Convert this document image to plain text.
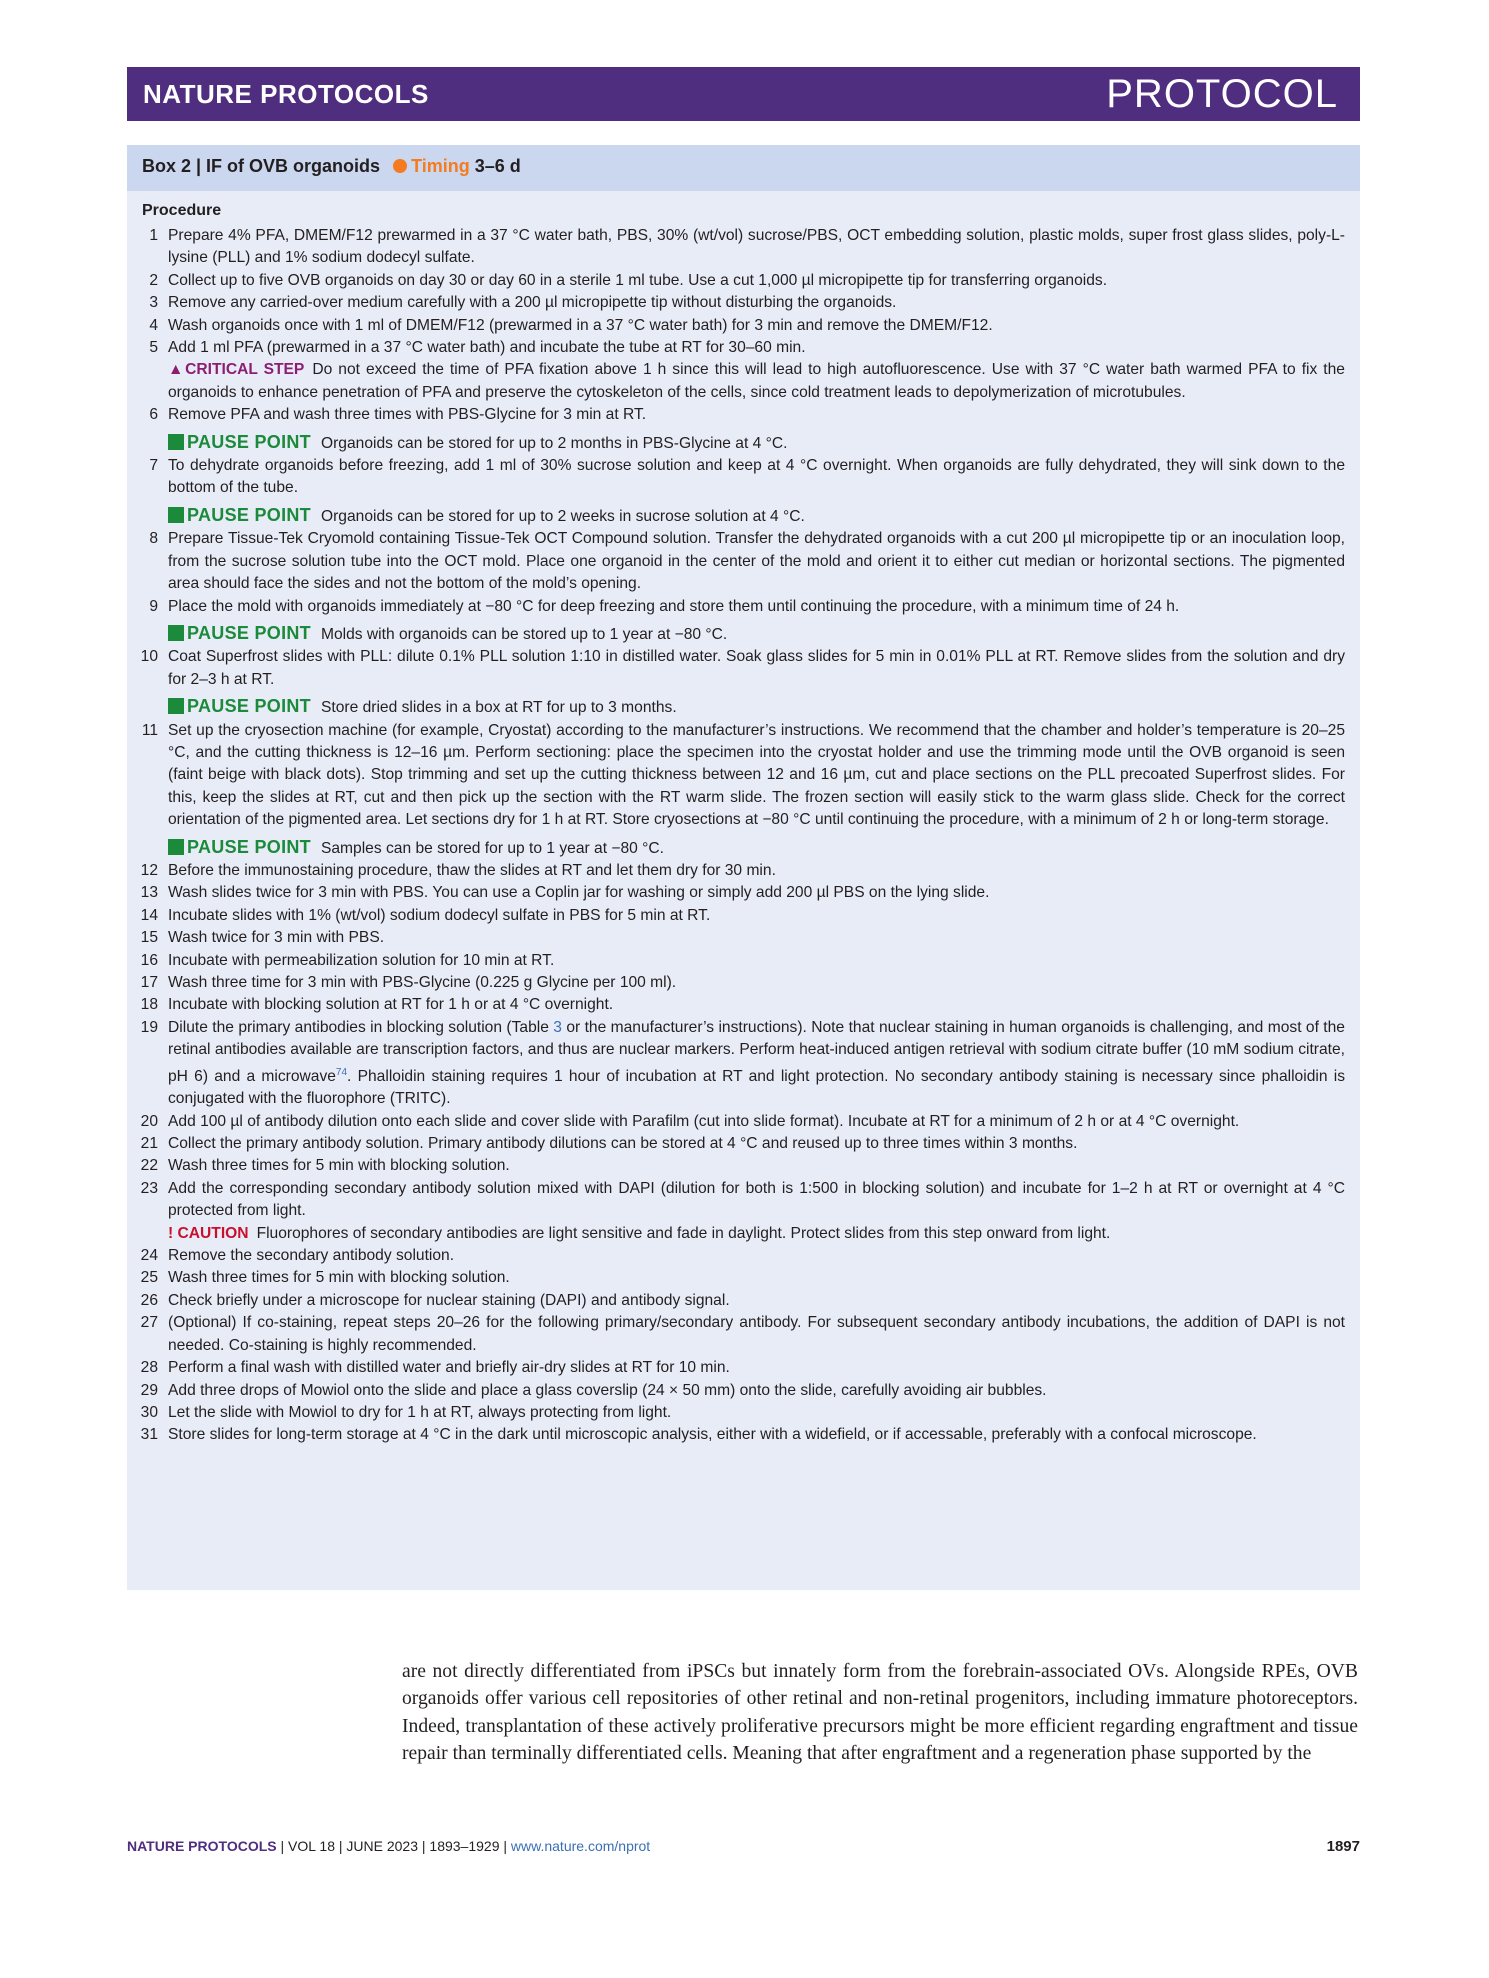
NATURE PROTOCOLS	PROTOCOL
Box 2 | IF of OVB organoids Timing 3–6 d
Procedure
1 Prepare 4% PFA, DMEM/F12 prewarmed in a 37 °C water bath, PBS, 30% (wt/vol) sucrose/PBS, OCT embedding solution, plastic molds, super frost glass slides, poly-L-lysine (PLL) and 1% sodium dodecyl sulfate.
2 Collect up to five OVB organoids on day 30 or day 60 in a sterile 1 ml tube. Use a cut 1,000 µl micropipette tip for transferring organoids.
3 Remove any carried-over medium carefully with a 200 µl micropipette tip without disturbing the organoids.
4 Wash organoids once with 1 ml of DMEM/F12 (prewarmed in a 37 °C water bath) for 3 min and remove the DMEM/F12.
5 Add 1 ml PFA (prewarmed in a 37 °C water bath) and incubate the tube at RT for 30–60 min.
▲CRITICAL STEP Do not exceed the time of PFA fixation above 1 h since this will lead to high autofluorescence. Use with 37 °C water bath warmed PFA to fix the organoids to enhance penetration of PFA and preserve the cytoskeleton of the cells, since cold treatment leads to depolymerization of microtubules.
6 Remove PFA and wash three times with PBS-Glycine for 3 min at RT.
PAUSE POINT Organoids can be stored for up to 2 months in PBS-Glycine at 4 °C.
7 To dehydrate organoids before freezing, add 1 ml of 30% sucrose solution and keep at 4 °C overnight. When organoids are fully dehydrated, they will sink down to the bottom of the tube.
PAUSE POINT Organoids can be stored for up to 2 weeks in sucrose solution at 4 °C.
8 Prepare Tissue-Tek Cryomold containing Tissue-Tek OCT Compound solution. Transfer the dehydrated organoids with a cut 200 µl micropipette tip or an inoculation loop, from the sucrose solution tube into the OCT mold. Place one organoid in the center of the mold and orient it to either cut median or horizontal sections. The pigmented area should face the sides and not the bottom of the mold’s opening.
9 Place the mold with organoids immediately at −80 °C for deep freezing and store them until continuing the procedure, with a minimum time of 24 h.
PAUSE POINT Molds with organoids can be stored up to 1 year at −80 °C.
10 Coat Superfrost slides with PLL: dilute 0.1% PLL solution 1:10 in distilled water. Soak glass slides for 5 min in 0.01% PLL at RT. Remove slides from the solution and dry for 2–3 h at RT.
PAUSE POINT Store dried slides in a box at RT for up to 3 months.
11 Set up the cryosection machine (for example, Cryostat) according to the manufacturer’s instructions. We recommend that the chamber and holder’s temperature is 20–25 °C, and the cutting thickness is 12–16 µm. Perform sectioning: place the specimen into the cryostat holder and use the trimming mode until the OVB organoid is seen (faint beige with black dots). Stop trimming and set up the cutting thickness between 12 and 16 µm, cut and place sections on the PLL precoated Superfrost slides. For this, keep the slides at RT, cut and then pick up the section with the RT warm slide. The frozen section will easily stick to the warm glass slide. Check for the correct orientation of the pigmented area. Let sections dry for 1 h at RT. Store cryosections at −80 °C until continuing the procedure, with a minimum of 2 h or long-term storage.
PAUSE POINT Samples can be stored for up to 1 year at −80 °C.
12 Before the immunostaining procedure, thaw the slides at RT and let them dry for 30 min.
13 Wash slides twice for 3 min with PBS. You can use a Coplin jar for washing or simply add 200 µl PBS on the lying slide.
14 Incubate slides with 1% (wt/vol) sodium dodecyl sulfate in PBS for 5 min at RT.
15 Wash twice for 3 min with PBS.
16 Incubate with permeabilization solution for 10 min at RT.
17 Wash three time for 3 min with PBS-Glycine (0.225 g Glycine per 100 ml).
18 Incubate with blocking solution at RT for 1 h or at 4 °C overnight.
19 Dilute the primary antibodies in blocking solution (Table 3 or the manufacturer’s instructions). Note that nuclear staining in human organoids is challenging, and most of the retinal antibodies available are transcription factors, and thus are nuclear markers. Perform heat-induced antigen retrieval with sodium citrate buffer (10 mM sodium citrate, pH 6) and a microwave$^{74}$. Phalloidin staining requires 1 hour of incubation at RT and light protection. No secondary antibody staining is necessary since phalloidin is conjugated with the fluorophore (TRITC).
20 Add 100 µl of antibody dilution onto each slide and cover slide with Parafilm (cut into slide format). Incubate at RT for a minimum of 2 h or at 4 °C overnight.
21 Collect the primary antibody solution. Primary antibody dilutions can be stored at 4 °C and reused up to three times within 3 months.
22 Wash three times for 5 min with blocking solution.
23 Add the corresponding secondary antibody solution mixed with DAPI (dilution for both is 1:500 in blocking solution) and incubate for 1–2 h at RT or overnight at 4 °C protected from light.
! CAUTION Fluorophores of secondary antibodies are light sensitive and fade in daylight. Protect slides from this step onward from light.
24 Remove the secondary antibody solution.
25 Wash three times for 5 min with blocking solution.
26 Check briefly under a microscope for nuclear staining (DAPI) and antibody signal.
27 (Optional) If co-staining, repeat steps 20–26 for the following primary/secondary antibody. For subsequent secondary antibody incubations, the addition of DAPI is not needed. Co-staining is highly recommended.
28 Perform a final wash with distilled water and briefly air-dry slides at RT for 10 min.
29 Add three drops of Mowiol onto the slide and place a glass coverslip (24 × 50 mm) onto the slide, carefully avoiding air bubbles.
30 Let the slide with Mowiol to dry for 1 h at RT, always protecting from light.
31 Store slides for long-term storage at 4 °C in the dark until microscopic analysis, either with a widefield, or if accessable, preferably with a confocal microscope.
are not directly differentiated from iPSCs but innately form from the forebrain-associated OVs. Alongside RPEs, OVB organoids offer various cell repositories of other retinal and non-retinal progenitors, including immature photoreceptors. Indeed, transplantation of these actively proliferative precursors might be more efficient regarding engraftment and tissue repair than terminally differentiated cells. Meaning that after engraftment and a regeneration phase supported by the
NATURE PROTOCOLS | VOL 18 | JUNE 2023 | 1893–1929 | www.nature.com/nprot	1897
